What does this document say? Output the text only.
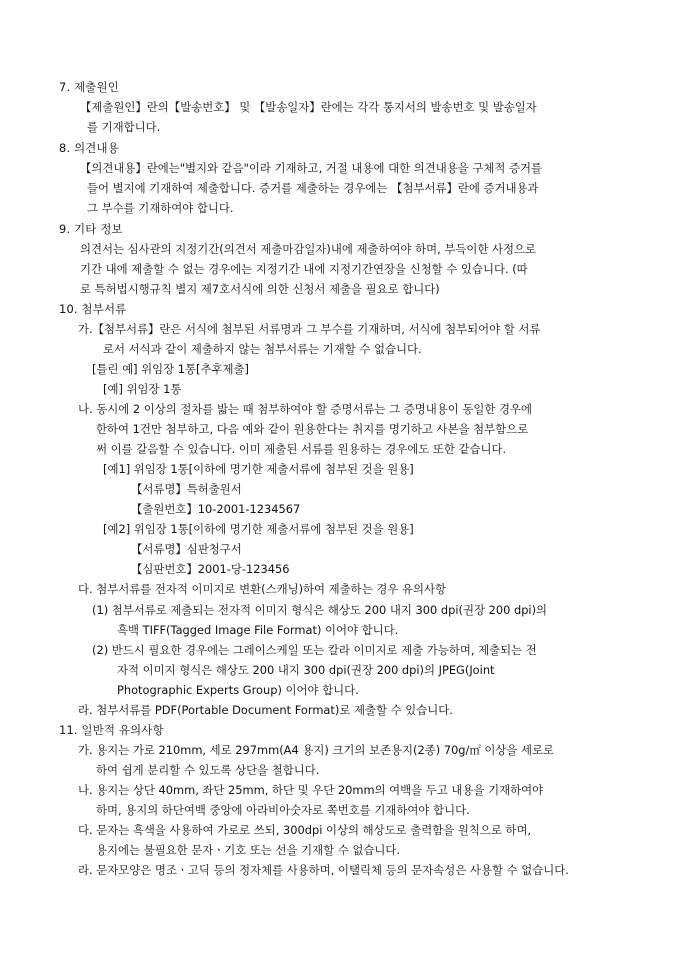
7. 제출원인
【제출원인】란의【발송번호】 및 【발송일자】란에는 각각 통지서의 발송번호 및 발송일자
를 기재합니다.
8. 의견내용
【의견내용】란에는"별지와 같음"이라 기재하고, 거절 내용에 대한 의견내용을 구체적 증거를
들어 별지에 기재하여 제출합니다. 증거를 제출하는 경우에는 【첨부서류】란에 증거내용과
그 부수를 기재하여야 합니다.
9. 기타 정보
의견서는 심사관의 지정기간(의견서 제출마감일자)내에 제출하여야 하며, 부득이한 사정으로
기간 내에 제출할 수 없는 경우에는 지정기간 내에 지정기간연장을 신청할 수 있습니다. (따
로 특허법시행규칙 별지 제7호서식에 의한 신청서 제출을 필요로 합니다)
10. 첨부서류
가.【첨부서류】란은 서식에 첨부된 서류명과 그 부수를 기재하며, 서식에 첨부되어야 할 서류
로서 서식과 같이 제출하지 않는 첨부서류는 기재할 수 없습니다.
[틀린 예] 위임장 1통[추후제출]
[예] 위임장 1통
나. 동시에 2 이상의 절차를 밟는 때 첨부하여야 할 증명서류는 그 증명내용이 동일한 경우에
한하여 1건만 첨부하고, 다음 예와 같이 원용한다는 취지를 명기하고 사본을 첨부함으로
써 이를 갈음할 수 있습니다. 이미 제출된 서류를 원용하는 경우에도 또한 같습니다.
[예1] 위임장 1통[이하에 명기한 제출서류에 첨부된 것을 원용]
【서류명】특허출원서
【출원번호】10-2001-1234567
[예2] 위임장 1통[이하에 명기한 제출서류에 첨부된 것을 원용]
【서류명】심판청구서
【심판번호】2001-당-123456
다. 첨부서류를 전자적 이미지로 변환(스캐닝)하여 제출하는 경우 유의사항
(1) 첨부서류로 제출되는 전자적 이미지 형식은 해상도 200 내지 300 dpi(권장 200 dpi)의
흑백 TIFF(Tagged Image File Format) 이어야 합니다.
(2) 반드시 필요한 경우에는 그레이스케일 또는 칼라 이미지로 제출 가능하며, 제출되는 전
자적 이미지 형식은 해상도 200 내지 300 dpi(권장 200 dpi)의 JPEG(Joint
Photographic Experts Group) 이어야 합니다.
라. 첨부서류를 PDF(Portable Document Format)로 제출할 수 있습니다.
11. 일반적 유의사항
가. 용지는 가로 210mm, 세로 297mm(A4 용지) 크기의 보존용지(2종) 70g/㎡ 이상을 세로로
하여 쉽게 분리할 수 있도록 상단을 철합니다.
나. 용지는 상단 40mm, 좌단 25mm, 하단 및 우단 20mm의 여백을 두고 내용을 기재하여야
하며, 용지의 하단여백 중앙에 아라비아숫자로 쪽번호를 기재하여야 합니다.
다. 문자는 흑색을 사용하여 가로로 쓰되, 300dpi 이상의 해상도로 출력함을 원칙으로 하며,
용지에는 불필요한 문자ㆍ기호 또는 선을 기재할 수 없습니다.
라. 문자모양은 명조ㆍ고딕 등의 정자체를 사용하며, 이탤릭체 등의 문자속성은 사용할 수 없습니다.
